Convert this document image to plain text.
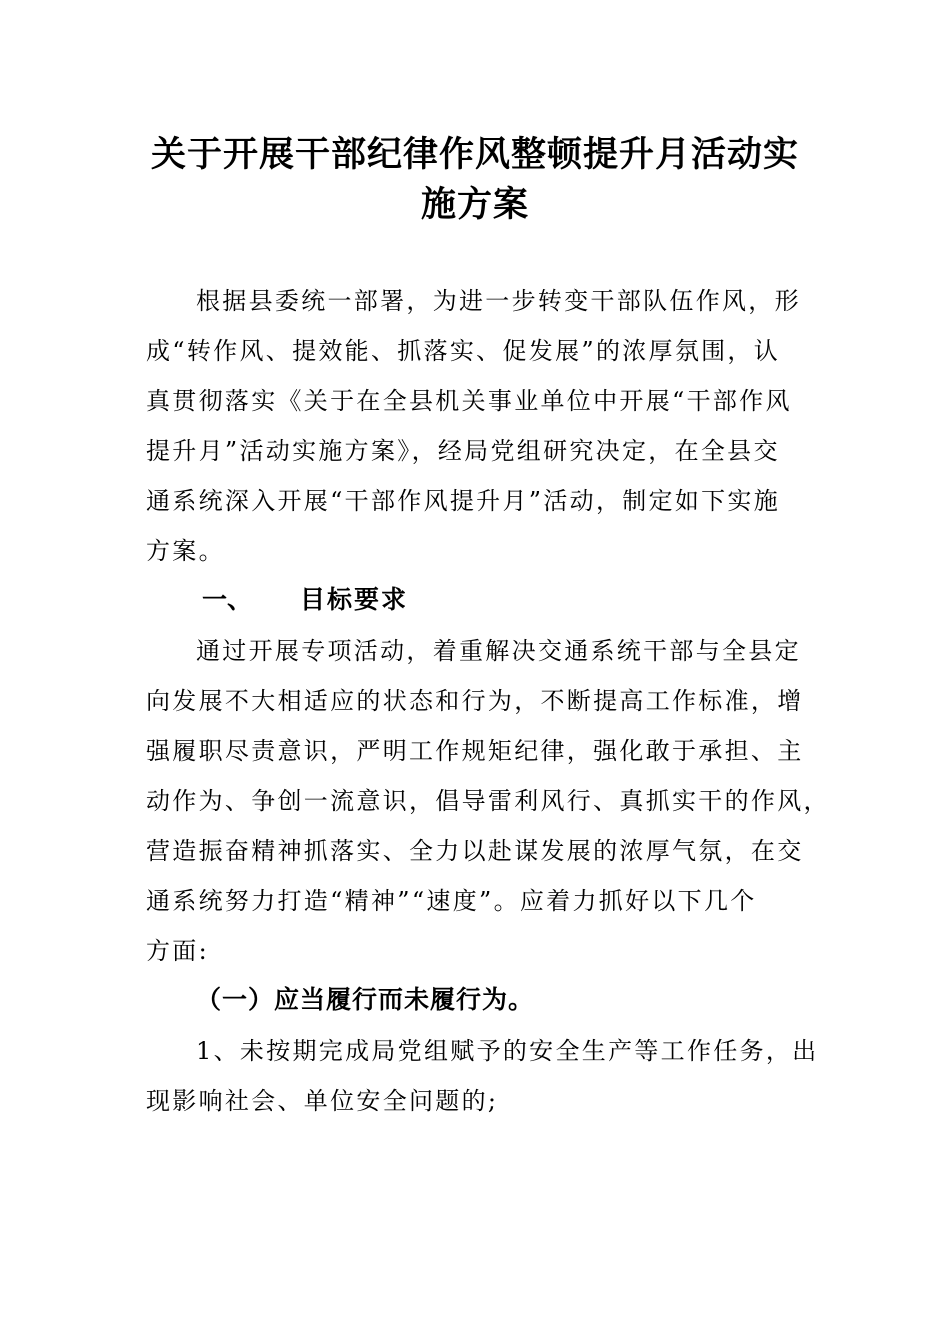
关于开展干部纪律作风整顿提升月活动实
施方案
根据县委统一部署，为进一步转变干部队伍作风，形
成“转作风、提效能、抓落实、促发展”的浓厚氛围，认
真贯彻落实《关于在全县机关事业单位中开展“干部作风
提升月”活动实施方案》，经局党组研究决定，在全县交
通系统深入开展“干部作风提升月”活动，制定如下实施
方案。
一、 目标要求
通过开展专项活动，着重解决交通系统干部与全县定
向发展不大相适应的状态和行为，不断提高工作标准，增
强履职尽责意识，严明工作规矩纪律，强化敢于承担、主
动作为、争创一流意识，倡导雷利风行、真抓实干的作风，
营造振奋精神抓落实、全力以赴谋发展的浓厚气氛，在交
通系统努力打造“精神”“速度”。应着力抓好以下几个
方面:
（一）应当履行而未履行为。
1、未按期完成局党组赋予的安全生产等工作任务，出
现影响社会、单位安全问题的;
